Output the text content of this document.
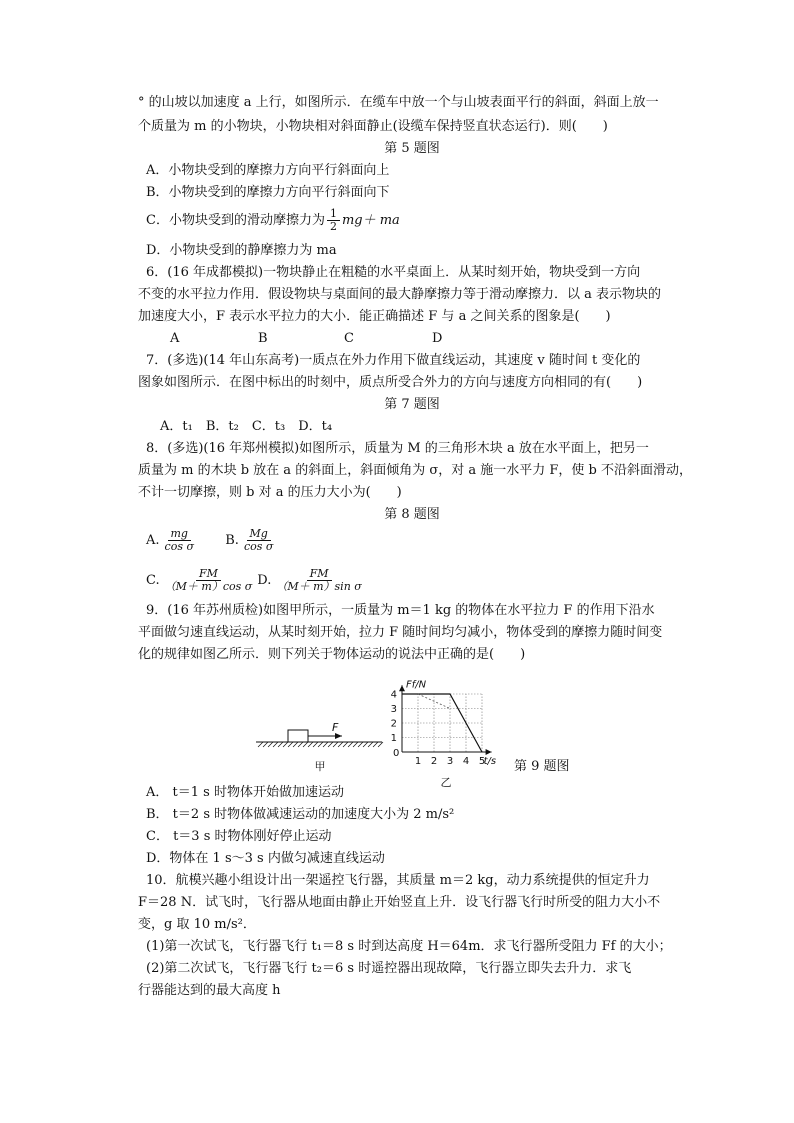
° 的山坡以加速度 a 上行，如图所示．在缆车中放一个与山坡表面平行的斜面，斜面上放一
个质量为 m 的小物块，小物块相对斜面静止(设缆车保持竖直状态运行)．则(　　)
第 5 题图
A．小物块受到的摩擦力方向平行斜面向上
B．小物块受到的摩擦力方向平行斜面向下
C．小物块受到的滑动摩擦力为 $\frac{1}{2} mg+$ ma
D．小物块受到的静摩擦力为 ma
6．(16 年成都模拟)一物块静止在粗糙的水平桌面上．从某时刻开始，物块受到一方向
不变的水平拉力作用．假设物块与桌面间的最大静摩擦力等于滑动摩擦力．以 a 表示物块的
加速度大小，F 表示水平拉力的大小．能正确描述 F 与 a 之间关系的图象是(　　)
A	B	C	D
7．(多选)(14 年山东高考)一质点在外力作用下做直线运动，其速度 v 随时间 t 变化的
图象如图所示．在图中标出的时刻中，质点所受合外力的方向与速度方向相同的有(　　)
第 7 题图
A．t₁　B．t₂　C．t₃　D．t₄
8．(多选)(16 年郑州模拟)如图所示，质量为 M 的三角形木块 a 放在水平面上，把另一
质量为 m 的木块 b 放在 a 的斜面上，斜面倾角为 σ，对 a 施一水平力 F，使 b 不沿斜面滑动，
不计一切摩擦，则 b 对 a 的压力大小为(　　)
第 8 题图
A. $\frac{mg}{\text{cos σ}} B$. $\frac{Mg}{\text{cos σ}}$
C. $\frac{FM}{\text{（M＋ m）cos σ}} D$. $\frac{FM}{\text{（M＋ m）sin σ}}$
9．(16 年苏州质检)如图甲所示，一质量为 m＝1 kg 的物体在水平拉力 F 的作用下沿水
平面做匀速直线运动，从某时刻开始，拉力 F 随时间均匀减小，物体受到的摩擦力随时间变
化的规律如图乙所示．则下列关于物体运动的说法中正确的是(　　)
F
甲	1 2 3 4 5
1
2
3
4
Ff/N
t/s
0
乙
第 9 题图
A． t＝1 s 时物体开始做加速运动
B． t＝2 s 时物体做减速运动的加速度大小为 2 m/s²
C． t＝3 s 时物体刚好停止运动
D．物体在 1 s～3 s 内做匀减速直线运动
10．航模兴趣小组设计出一架遥控飞行器，其质量 m＝2 kg，动力系统提供的恒定升力
F＝28 N．试飞时，飞行器从地面由静止开始竖直上升．设飞行器飞行时所受的阻力大小不
变，g 取 10 m/s²．
(1)第一次试飞，飞行器飞行 t₁＝8 s 时到达高度 H＝64m．求飞行器所受阻力 Ff 的大小；
(2)第二次试飞，飞行器飞行 t₂＝6 s 时遥控器出现故障，飞行器立即失去升力．求飞
行器能达到的最大高度 h
